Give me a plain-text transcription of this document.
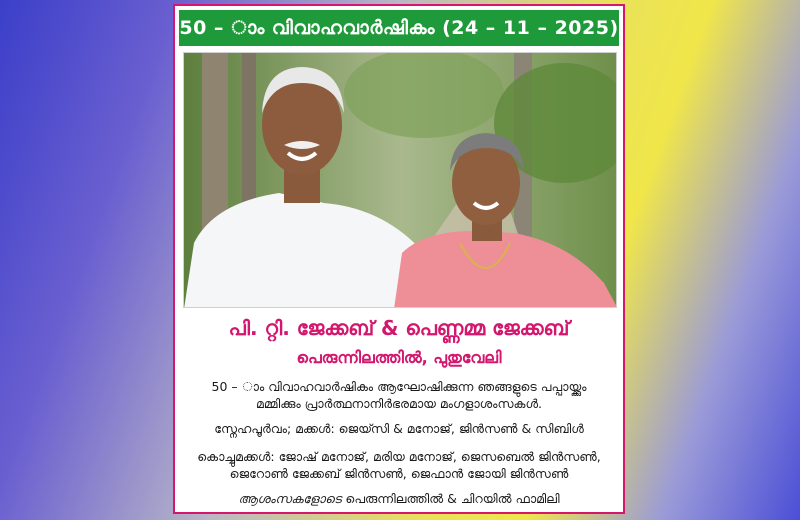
50 – ാം വിവാഹവാർഷികം (24 – 11 – 2025)
പി. റ്റി. ജേക്കബ് & പെണ്ണമ്മ ജേക്കബ്
പെരുന്നിലത്തിൽ, പുതുവേലി
50 – ാം വിവാഹവാർഷികം ആഘോഷിക്കുന്ന ഞങ്ങളുടെ പപ്പായ്ക്കും
മമ്മിക്കും പ്രാർത്ഥനാനിർഭരമായ മംഗളാശംസകൾ.
സ്നേഹപൂർവം; മക്കൾ: ജെയ്സി & മനോജ്, ജിൻസൺ & സിബിൾ
കൊച്ചുമക്കൾ: ജോഷ് മനോജ്, മരിയ മനോജ്, ജെസബെൽ ജിൻസൺ,
ജെറോൺ ജേക്കബ് ജിൻസൺ, ജെഫാൻ ജോയി ജിൻസൺ
ആശംസകളോടെ പെരുന്നിലത്തിൽ & ചിറയിൽ ഫാമിലി
